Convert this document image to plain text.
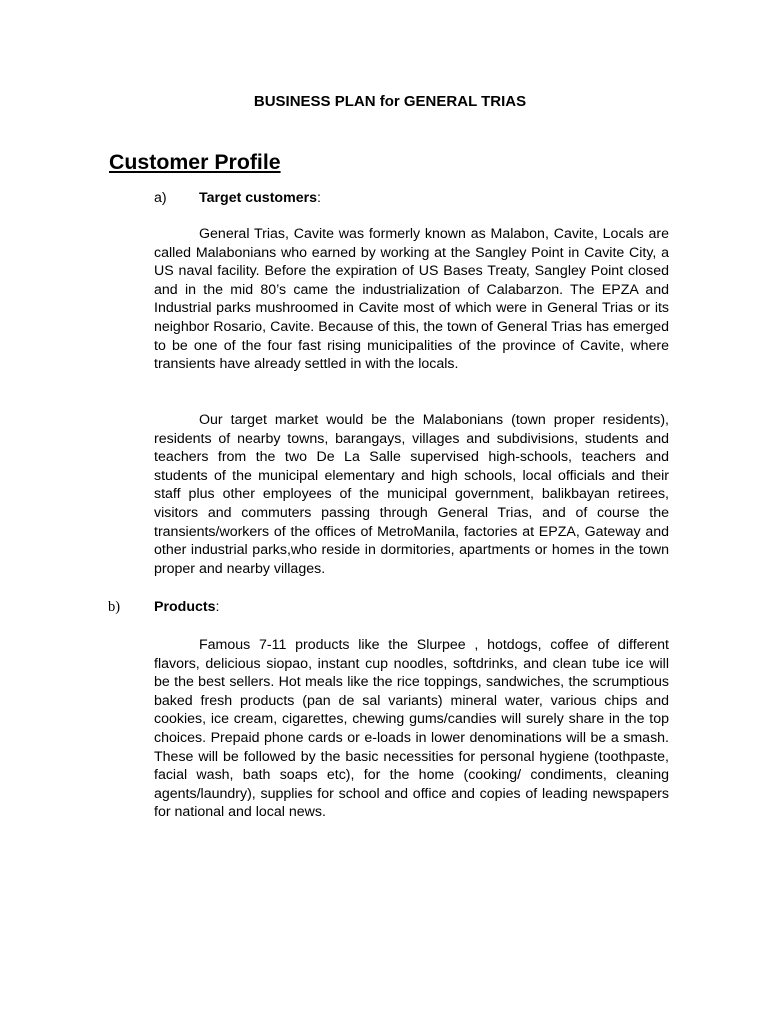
BUSINESS PLAN for GENERAL TRIAS
Customer Profile
a) Target customers:

General Trias, Cavite was formerly known as Malabon, Cavite, Locals are called Malabonians who earned by working at the Sangley Point in Cavite City, a US naval facility. Before the expiration of US Bases Treaty, Sangley Point closed and in the mid 80’s came the industrialization of Calabarzon. The EPZA and Industrial parks mushroomed in Cavite most of which were in General Trias or its neighbor Rosario, Cavite. Because of this, the town of General Trias has emerged to be one of the four fast rising municipalities of the province of Cavite, where transients have already settled in with the locals.

Our target market would be the Malabonians (town proper residents), residents of nearby towns, barangays, villages and subdivisions, students and teachers from the two De La Salle supervised high-schools, teachers and students of the municipal elementary and high schools, local officials and their staff plus other employees of the municipal government, balikbayan retirees, visitors and commuters passing through General Trias, and of course the transients/workers of the offices of MetroManila, factories at EPZA, Gateway and other industrial parks,who reside in dormitories, apartments or homes in the town proper and nearby villages.

b) Products:

Famous 7-11 products like the Slurpee , hotdogs, coffee of different flavors, delicious siopao, instant cup noodles, softdrinks, and clean tube ice will be the best sellers. Hot meals like the rice toppings, sandwiches, the scrumptious baked fresh products (pan de sal variants) mineral water, various chips and cookies, ice cream, cigarettes, chewing gums/candies will surely share in the top choices. Prepaid phone cards or e-loads in lower denominations will be a smash. These will be followed by the basic necessities for personal hygiene (toothpaste, facial wash, bath soaps etc), for the home (cooking/ condiments, cleaning agents/laundry), supplies for school and office and copies of leading newspapers for national and local news.
